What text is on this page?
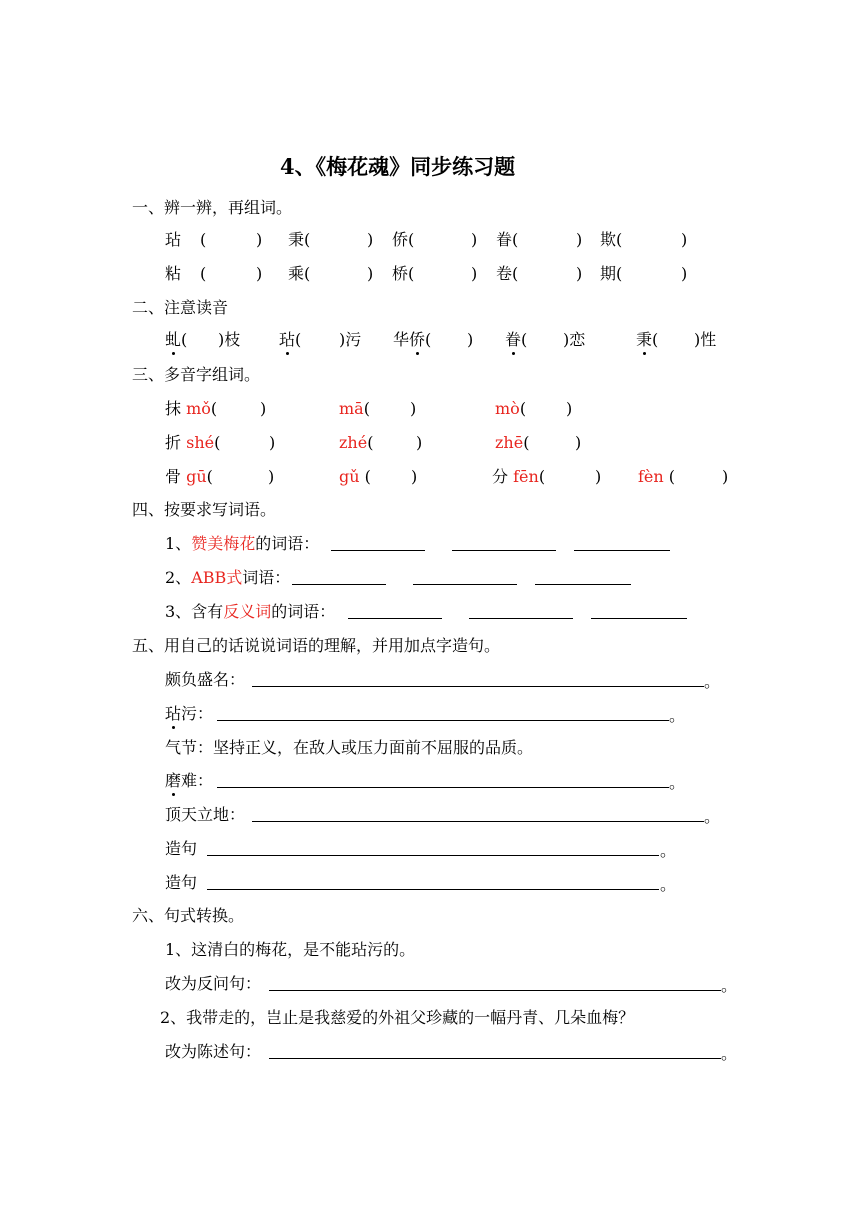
4、《梅花魂》同步练习题
一、辨一辨，再组词。
玷 (	) 秉(	) 侨(	) 眷(	) 欺(	)
粘 (	) 乘(	) 桥(	) 卷(	) 期(	)
二、注意读音
虬( )枝 玷( )污 华侨( ) 眷( )恋	秉( )性
三、多音字组词。
抹 mǒ(	)	mā(	)	mò( )
折 shé(	)	zhé(	)	zhē(	)
骨 gū(	)	gǔ (	)	分 fēn(	) fèn (	)
四、按要求写词语。
1、赞美梅花的词语：
2、ABB式词语：
3、含有反义词的词语：
五、用自己的话说说词语的理解，并用加点字造句。
颇负盛名：	。
玷污：	。
气节：坚持正义，在敌人或压力面前不屈服的品质。
磨难：	。
顶天立地：	。
造句	。
造句	。
六、句式转换。
1、这清白的梅花，是不能玷污的。
改为反问句：	。
2、我带走的，岂止是我慈爱的外祖父珍藏的一幅丹青、几朵血梅？
改为陈述句：	。
